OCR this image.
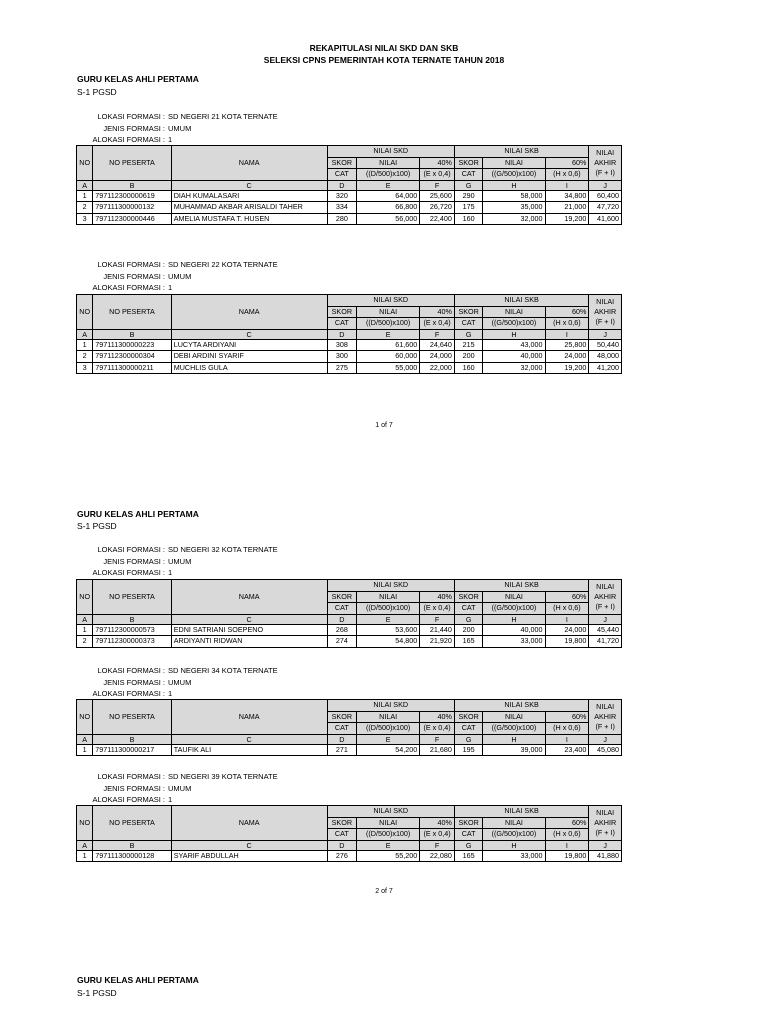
REKAPITULASI NILAI SKD DAN SKB
SELEKSI CPNS PEMERINTAH KOTA TERNATE TAHUN 2018
GURU KELAS AHLI PERTAMA
S-1 PGSD
LOKASI FORMASI : SD NEGERI 21 KOTA TERNATE
JENIS FORMASI : UMUM
ALOKASI FORMASI : 1
NO	NO PESERTA	NAMA	NILAI SKD			NILAI SKB			NILAI
AKHIR
(F + I)

			SKOR	NILAI	40%	SKOR	NILAI	60%	
			CAT	((D/500)x100)	(E x 0,4)	CAT	((G/500)x100)	(H x 0,6)	
A	B	C	D	E	F	G	H	I	J
1	797112300000619	DIAH KUMALASARI	320	64,000	25,600	290	58,000	34,800	60,400
2	797111300000132	MUHAMMAD AKBAR ARISALDI TAHER	334	66,800	26,720	175	35,000	21,000	47,720
3	797112300000446	AMELIA MUSTAFA T. HUSEN	280	56,000	22,400	160	32,000	19,200	41,600
LOKASI FORMASI : SD NEGERI 22 KOTA TERNATE
JENIS FORMASI : UMUM
ALOKASI FORMASI : 1
NO	NO PESERTA	NAMA	NILAI SKD			NILAI SKB			NILAI
AKHIR
(F + I)

			SKOR	NILAI	40%	SKOR	NILAI	60%	
			CAT	((D/500)x100)	(E x 0,4)	CAT	((G/500)x100)	(H x 0,6)	
A	B	C	D	E	F	G	H	I	J
1	797111300000223	LUCYTA ARDIYANI	308	61,600	24,640	215	43,000	25,800	50,440
2	797112300000304	DEBI ARDINI SYARIF	300	60,000	24,000	200	40,000	24,000	48,000
3	797111300000211	MUCHLIS GULA	275	55,000	22,000	160	32,000	19,200	41,200
1 of 7
GURU KELAS AHLI PERTAMA
S-1 PGSD
LOKASI FORMASI : SD NEGERI 32 KOTA TERNATE
JENIS FORMASI : UMUM
ALOKASI FORMASI : 1
NO	NO PESERTA	NAMA	NILAI SKD			NILAI SKB			NILAI
AKHIR
(F + I)

			SKOR	NILAI	40%	SKOR	NILAI	60%	
			CAT	((D/500)x100)	(E x 0,4)	CAT	((G/500)x100)	(H x 0,6)	
A	B	C	D	E	F	G	H	I	J
1	797112300000573	EDNI SATRIANI SOEPENO	268	53,600	21,440	200	40,000	24,000	45,440
2	797112300000373	ARDIYANTI RIDWAN	274	54,800	21,920	165	33,000	19,800	41,720
LOKASI FORMASI : SD NEGERI 34 KOTA TERNATE
JENIS FORMASI : UMUM
ALOKASI FORMASI : 1
NO	NO PESERTA	NAMA	NILAI SKD			NILAI SKB			NILAI
AKHIR
(F + I)

			SKOR	NILAI	40%	SKOR	NILAI	60%	
			CAT	((D/500)x100)	(E x 0,4)	CAT	((G/500)x100)	(H x 0,6)	
A	B	C	D	E	F	G	H	I	J
1	797111300000217	TAUFIK ALI	271	54,200	21,680	195	39,000	23,400	45,080
LOKASI FORMASI : SD NEGERI 39 KOTA TERNATE
JENIS FORMASI : UMUM
ALOKASI FORMASI : 1
NO	NO PESERTA	NAMA	NILAI SKD			NILAI SKB			NILAI
AKHIR
(F + I)

			SKOR	NILAI	40%	SKOR	NILAI	60%	
			CAT	((D/500)x100)	(E x 0,4)	CAT	((G/500)x100)	(H x 0,6)	
A	B	C	D	E	F	G	H	I	J
1	797111300000128	SYARIF ABDULLAH	276	55,200	22,080	165	33,000	19,800	41,880
2 of 7
GURU KELAS AHLI PERTAMA
S-1 PGSD
